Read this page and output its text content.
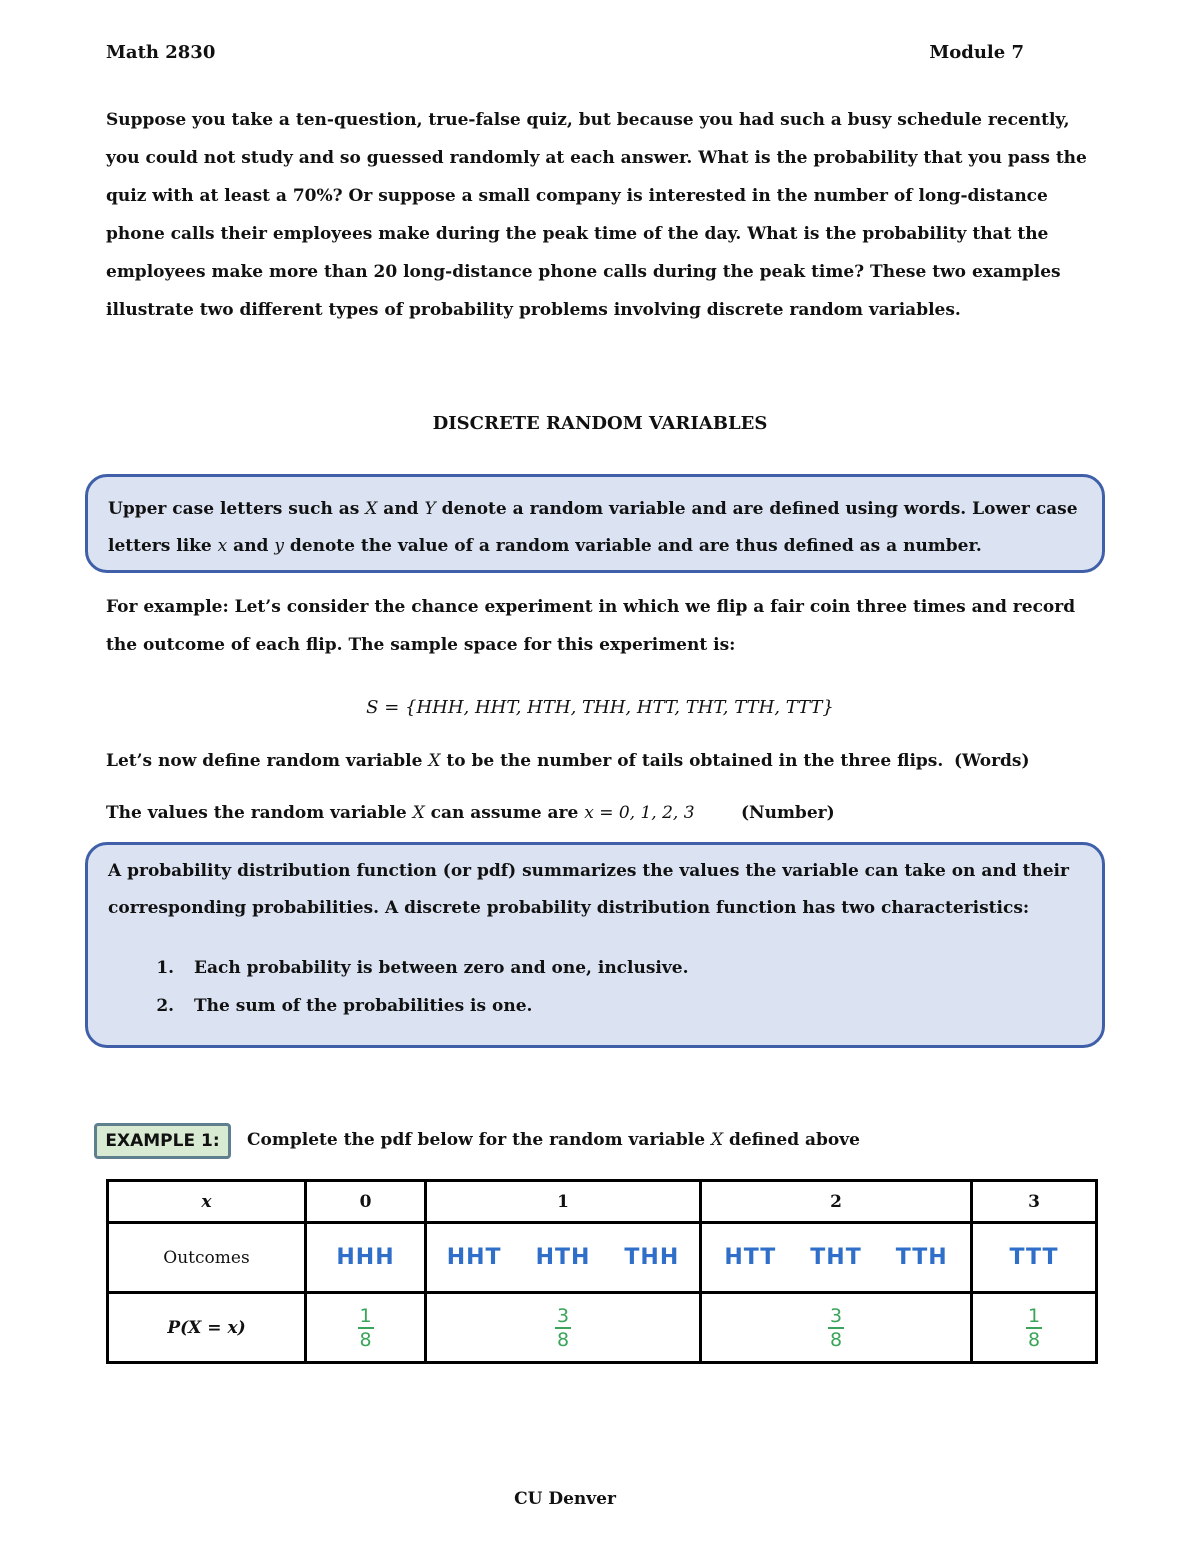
Math 2830	Module 7

Suppose you take a ten-question, true-false quiz, but because you had such a busy schedule recently, you could not study and so guessed randomly at each answer. What is the probability that you pass the quiz with at least a 70%? Or suppose a small company is interested in the number of long-distance phone calls their employees make during the peak time of the day. What is the probability that the employees make more than 20 long-distance phone calls during the peak time? These two examples illustrate two different types of probability problems involving discrete random variables.

DISCRETE RANDOM VARIABLES

Upper case letters such as X and Y denote a random variable and are defined using words. Lower case letters like x and y denote the value of a random variable and are thus defined as a number.

For example: Let’s consider the chance experiment in which we flip a fair coin three times and record the outcome of each flip. The sample space for this experiment is:

S = {HHH, HHT, HTH, THH, HTT, THT, TTH, TTT}
Let’s now define random variable X to be the number of tails obtained in the three flips. (Words)
The values the random variable X can assume are x = 0, 1, 2, 3	(Number)

A probability distribution function (or pdf) summarizes the values the variable can take on and their corresponding probabilities. A discrete probability distribution function has two characteristics:

1. Each probability is between zero and one, inclusive.
2. The sum of the probabilities is one.
EXAMPLE 1:	Complete the pdf below for the random variable X defined above
x	0	1	2	3
Outcomes	HHH	HHT HTH THH	HTT THT TTH	TTT
P(X = x)	$\frac{1}{8}$	$\frac{3}{8}$	$\frac{3}{8}$	$\frac{1}{8}$
CU Denver
